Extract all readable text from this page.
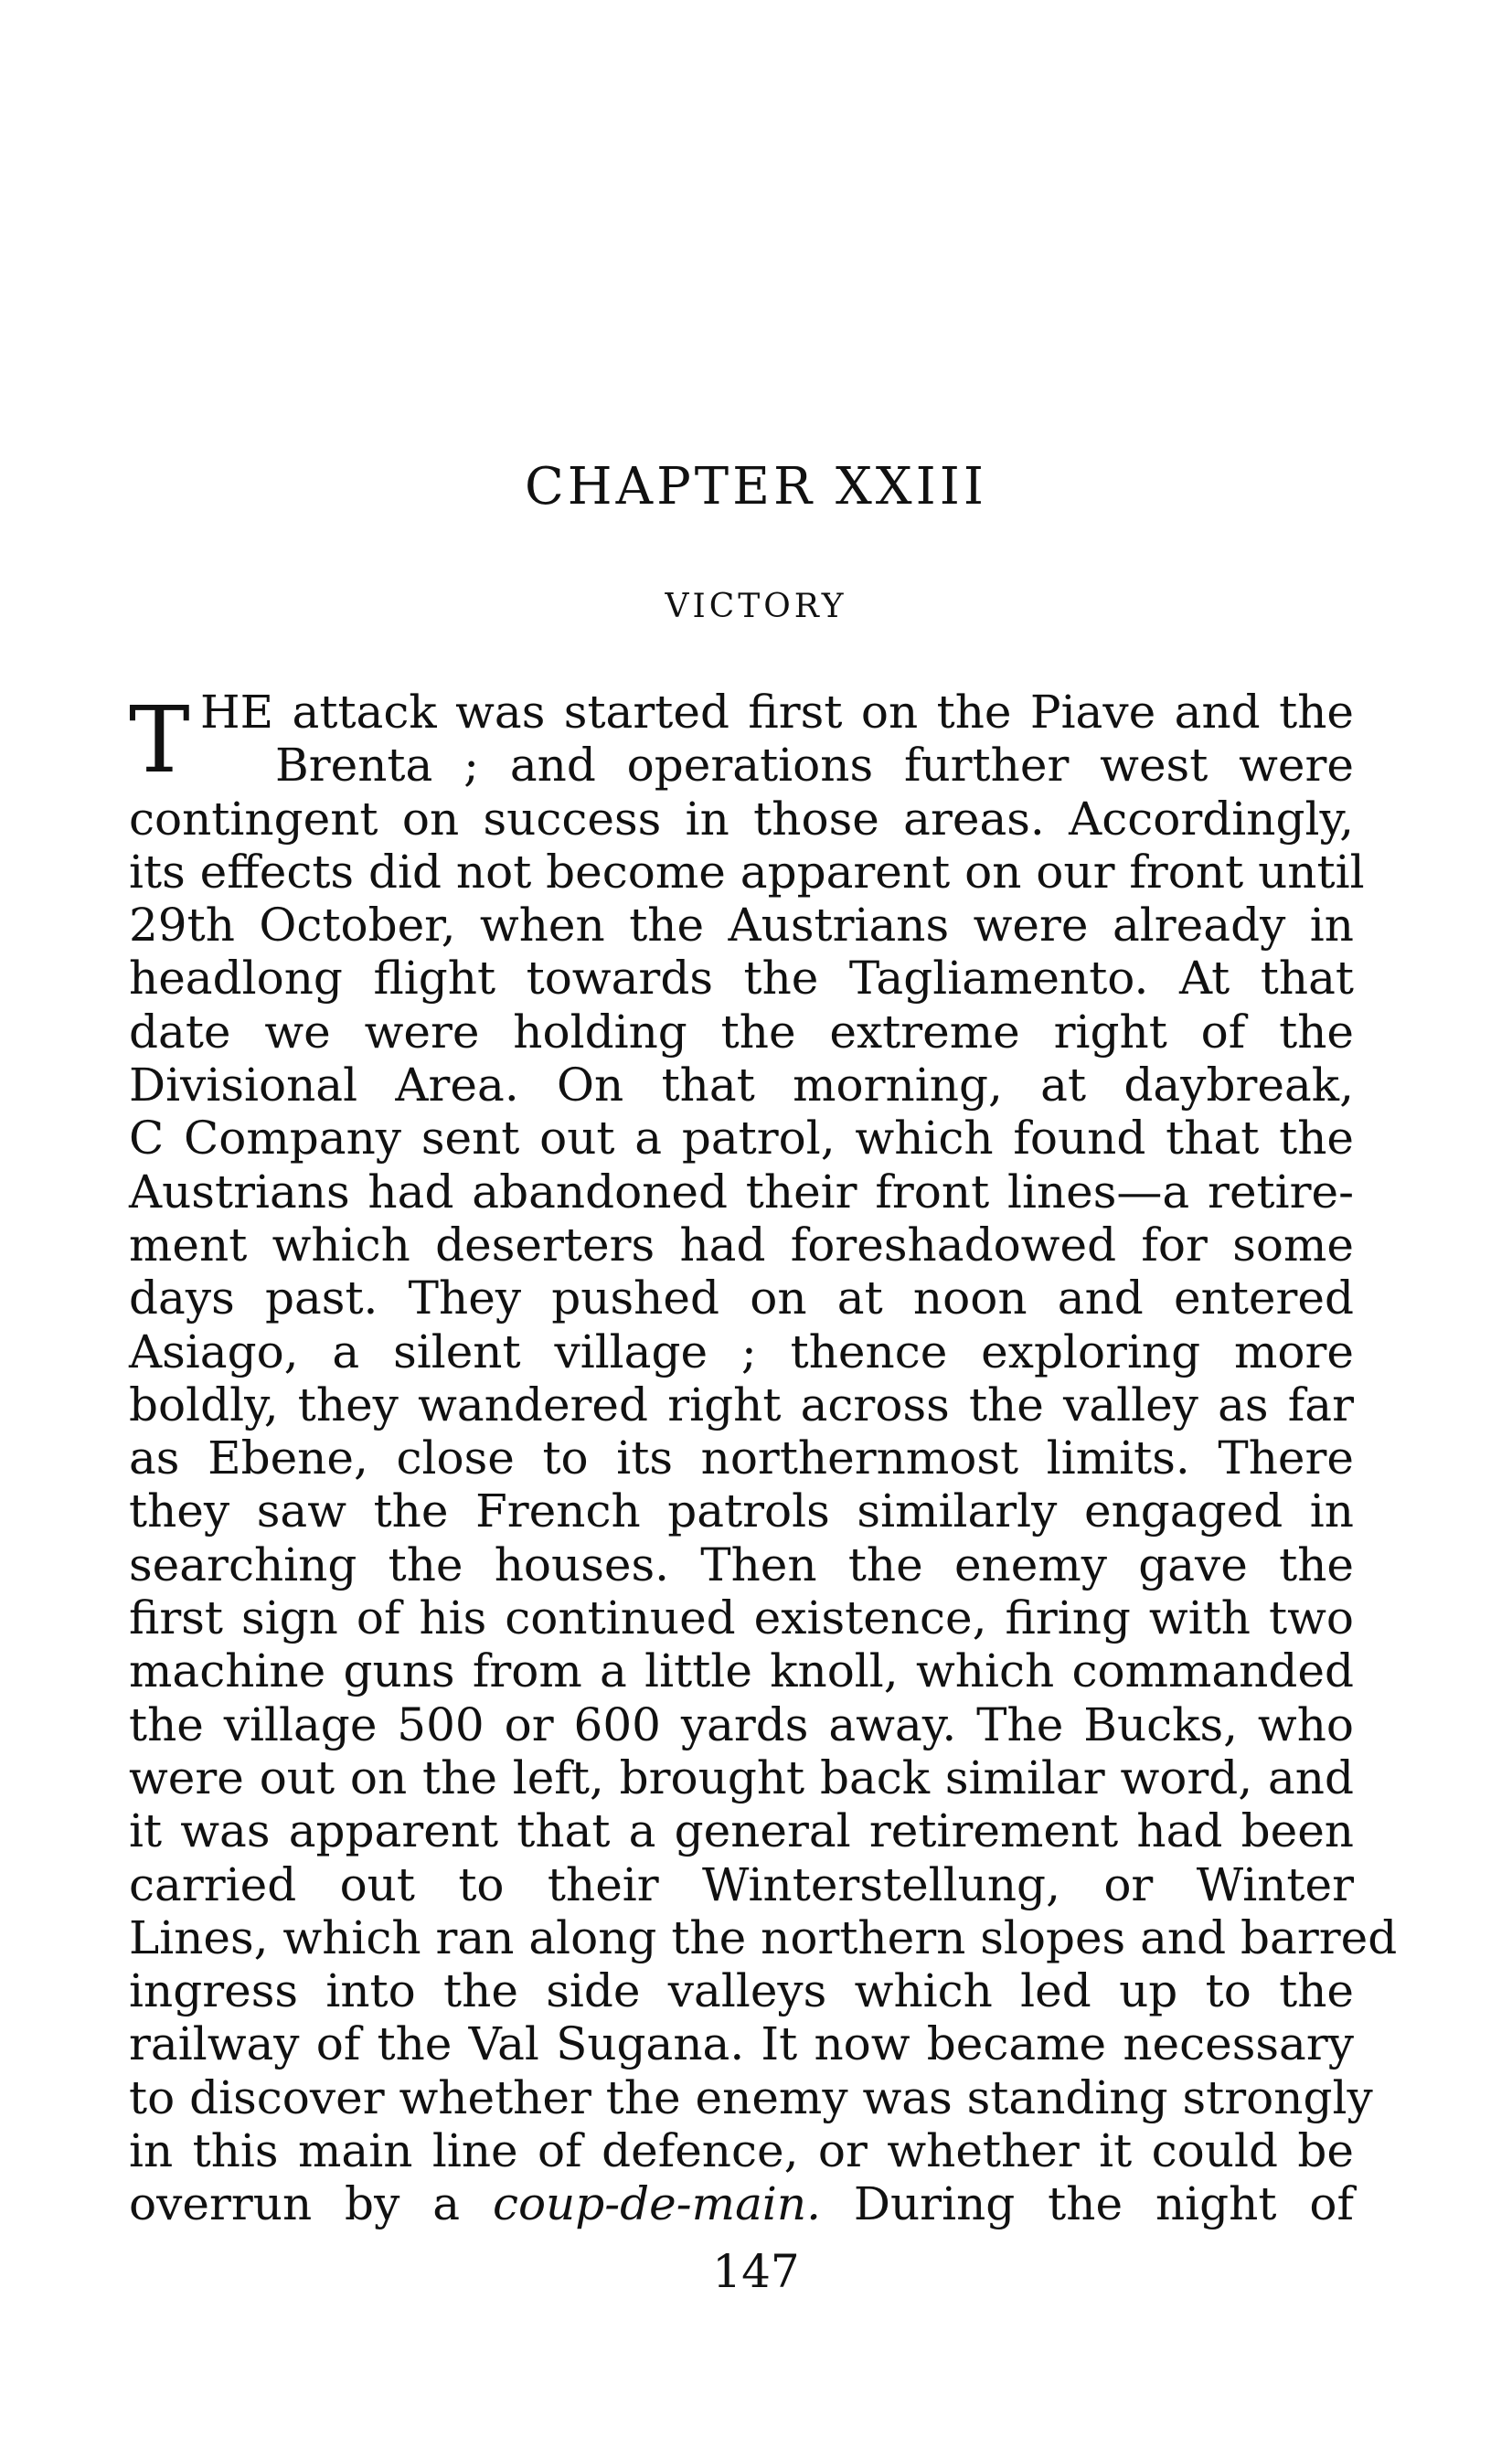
CHAPTER XXIII
VICTORY
T HE attack was started first on the Piave and the
Brenta ; and operations further west were
contingent on success in those areas. Accordingly,
its effects did not become apparent on our front until
29th October, when the Austrians were already in
headlong flight towards the Tagliamento. At that
date we were holding the extreme right of the
Divisional Area. On that morning, at daybreak,
C Company sent out a patrol, which found that the
Austrians had abandoned their front lines—a retire-
ment which deserters had foreshadowed for some
days past. They pushed on at noon and entered
Asiago, a silent village ; thence exploring more
boldly, they wandered right across the valley as far
as Ebene, close to its northernmost limits. There
they saw the French patrols similarly engaged in
searching the houses. Then the enemy gave the
first sign of his continued existence, firing with two
machine guns from a little knoll, which commanded
the village 500 or 600 yards away. The Bucks, who
were out on the left, brought back similar word, and
it was apparent that a general retirement had been
carried out to their Winterstellung, or Winter
Lines, which ran along the northern slopes and barred
ingress into the side valleys which led up to the
railway of the Val Sugana. It now became necessary
to discover whether the enemy was standing strongly
in this main line of defence, or whether it could be
overrun by a coup-de-main. During the night of
147
